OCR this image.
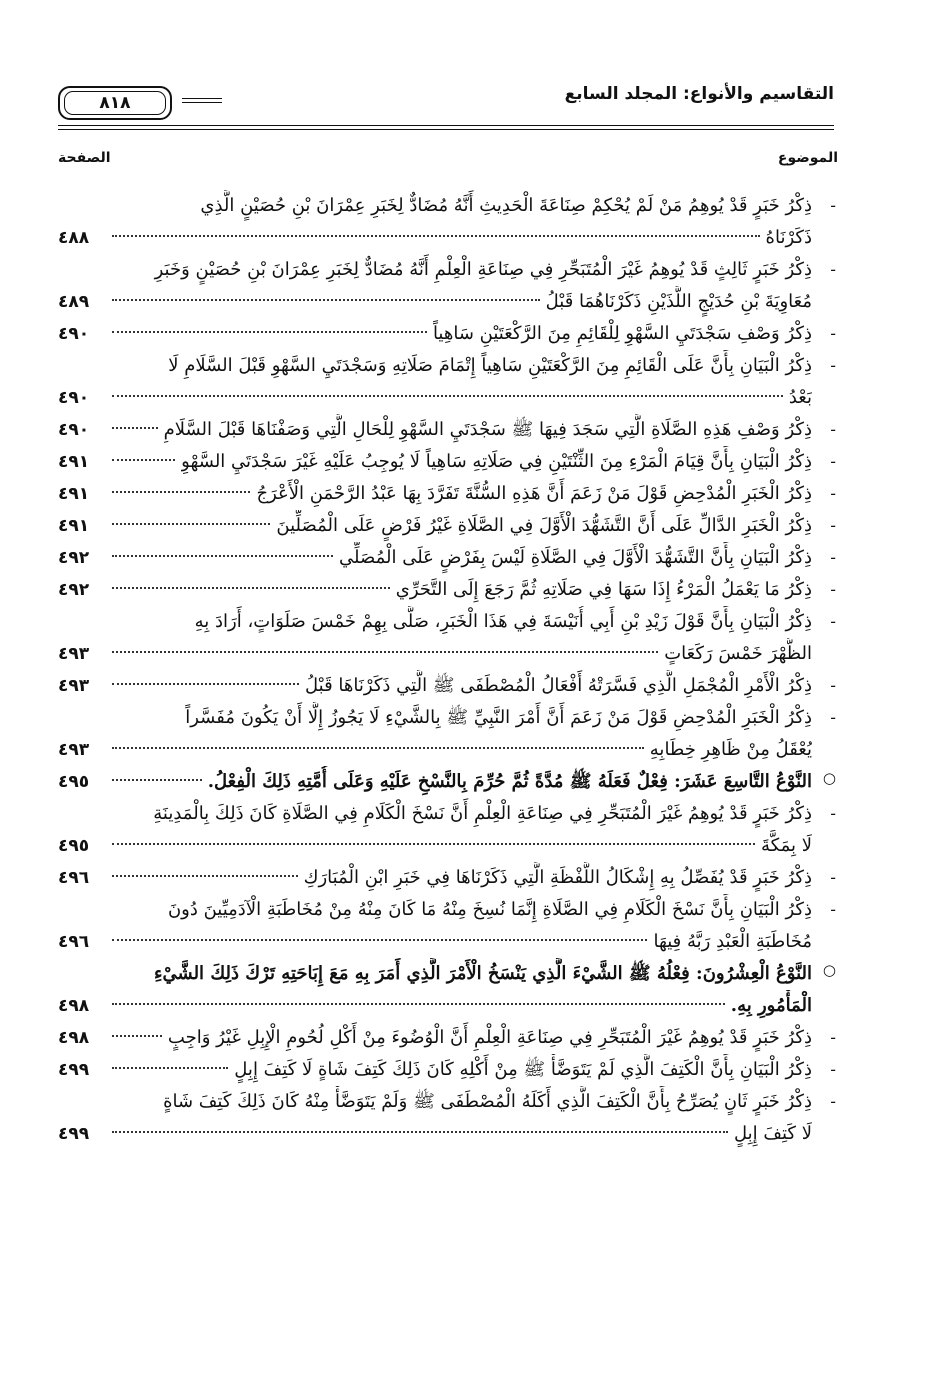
التقاسيم والأنواع: المجلد السابع
٨١٨
الموضوع
الصفحة
-
ذِكْرُ خَبَرٍ قَدْ يُوهِمُ مَنْ لَمْ يُحْكِمْ صِنَاعَةَ الْحَدِيثِ أَنَّهُ مُضَادٌّ لِخَبَرِ عِمْرَانَ بْنِ حُصَيْنٍ الَّذِي
ذَكَرْنَاهُ
٤٨٨
-
ذِكْرُ خَبَرٍ ثَالِثٍ قَدْ يُوهِمُ غَيْرَ الْمُتَبَحِّرِ فِي صِنَاعَةِ الْعِلْمِ أَنَّهُ مُضَادٌّ لِخَبَرِ عِمْرَانَ بْنِ حُصَيْنٍ وَخَبَرِ
مُعَاوِيَةَ بْنِ حُدَيْجٍ اللَّذَيْنِ ذَكَرْنَاهُمَا قَبْلُ
٤٨٩
-
ذِكْرُ وَصْفِ سَجْدَتَيِ السَّهْوِ لِلْقَائِمِ مِنَ الرَّكْعَتَيْنِ سَاهِياً
٤٩٠
-
ذِكْرُ الْبَيَانِ بِأَنَّ عَلَى الْقَائِمِ مِنَ الرَّكْعَتَيْنِ سَاهِياً إِتْمَامَ صَلَاتِهِ وَسَجْدَتَيِ السَّهْوِ قَبْلَ السَّلَامِ لَا
بَعْدُ
٤٩٠
-
ذِكْرُ وَصْفِ هَذِهِ الصَّلَاةِ الَّتِي سَجَدَ فِيهَا ﷺ سَجْدَتَيِ السَّهْوِ لِلْحَالِ الَّتِي وَصَفْنَاهَا قَبْلَ السَّلَامِ
٤٩٠
-
ذِكْرُ الْبَيَانِ بِأَنَّ قِيَامَ الْمَرْءِ مِنَ الثِّنْتَيْنِ فِي صَلَاتِهِ سَاهِياً لَا يُوجِبُ عَلَيْهِ غَيْرَ سَجْدَتَيِ السَّهْوِ
٤٩١
-
ذِكْرُ الْخَبَرِ الْمُدْحِضِ قَوْلَ مَنْ زَعَمَ أَنَّ هَذِهِ السُّنَّةَ تَفَرَّدَ بِهَا عَبْدُ الرَّحْمَنِ الْأَعْرَجُ
٤٩١
-
ذِكْرُ الْخَبَرِ الدَّالِّ عَلَى أَنَّ التَّشَهُّدَ الْأَوَّلَ فِي الصَّلَاةِ غَيْرُ فَرْضٍ عَلَى الْمُصَلِّينَ
٤٩١
-
ذِكْرُ الْبَيَانِ بِأَنَّ التَّشَهُّدَ الْأَوَّلَ فِي الصَّلَاةِ لَيْسَ بِفَرْضٍ عَلَى الْمُصَلِّي
٤٩٢
-
ذِكْرُ مَا يَعْمَلُ الْمَرْءُ إِذَا سَهَا فِي صَلَاتِهِ ثُمَّ رَجَعَ إِلَى التَّحَرِّي
٤٩٢
-
ذِكْرُ الْبَيَانِ بِأَنَّ قَوْلَ زَيْدِ بْنِ أَبِي أُنَيْسَةَ فِي هَذَا الْخَبَرِ، صَلَّى بِهِمْ خَمْسَ صَلَوَاتٍ، أَرَادَ بِهِ
الظُّهْرَ خَمْسَ رَكَعَاتٍ
٤٩٣
-
ذِكْرُ الْأَمْرِ الْمُجْمَلِ الَّذِي فَسَّرَتْهُ أَفْعَالُ الْمُصْطَفَى ﷺ الَّتِي ذَكَرْنَاهَا قَبْلُ
٤٩٣
-
ذِكْرُ الْخَبَرِ الْمُدْحِضِ قَوْلَ مَنْ زَعَمَ أَنَّ أَمْرَ النَّبِيِّ ﷺ بِالشَّيْءِ لَا يَجُوزُ إِلَّا أَنْ يَكُونَ مُفَسَّراً
يُعْقَلُ مِنْ ظَاهِرِ خِطَابِهِ
٤٩٣
○
النَّوْعُ التَّاسِعَ عَشَرَ: فِعْلٌ فَعَلَهُ ﷺ مُدَّةً ثُمَّ حُرِّمَ بِالنَّسْخِ عَلَيْهِ وَعَلَى أُمَّتِهِ ذَلِكَ الْفِعْلُ.
٤٩٥
-
ذِكْرُ خَبَرٍ قَدْ يُوهِمُ غَيْرَ الْمُتَبَحِّرِ فِي صِنَاعَةِ الْعِلْمِ أَنَّ نَسْخَ الْكَلَامِ فِي الصَّلَاةِ كَانَ ذَلِكَ بِالْمَدِينَةِ
لَا بِمَكَّةَ
٤٩٥
-
ذِكْرُ خَبَرٍ قَدْ يُفَصِّلُ بِهِ إِشْكَالُ اللَّفْظَةِ الَّتِي ذَكَرْنَاهَا فِي خَبَرِ ابْنِ الْمُبَارَكِ
٤٩٦
-
ذِكْرُ الْبَيَانِ بِأَنَّ نَسْخَ الْكَلَامِ فِي الصَّلَاةِ إِنَّمَا نُسِخَ مِنْهُ مَا كَانَ مِنْهُ مِنْ مُخَاطَبَةِ الْآدَمِيِّينَ دُونَ
مُخَاطَبَةِ الْعَبْدِ رَبَّهُ فِيهَا
٤٩٦
○
النَّوْعُ الْعِشْرُونَ: فِعْلُهُ ﷺ الشَّيْءَ الَّذِي يَنْسَخُ الْأَمْرَ الَّذِي أَمَرَ بِهِ مَعَ إِبَاحَتِهِ تَرْكَ ذَلِكَ الشَّيْءِ
الْمَأْمُورِ بِهِ.
٤٩٨
-
ذِكْرُ خَبَرٍ قَدْ يُوهِمُ غَيْرَ الْمُتَبَحِّرِ فِي صِنَاعَةِ الْعِلْمِ أَنَّ الْوُضُوءَ مِنْ أَكْلِ لُحُومِ الْإِبِلِ غَيْرُ وَاجِبٍ
٤٩٨
-
ذِكْرُ الْبَيَانِ بِأَنَّ الْكَتِفَ الَّذِي لَمْ يَتَوَضَّأْ ﷺ مِنْ أَكْلِهِ كَانَ ذَلِكَ كَتِفَ شَاةٍ لَا كَتِفَ إِبِلٍ
٤٩٩
-
ذِكْرُ خَبَرٍ ثَانٍ يُصَرِّحُ بِأَنَّ الْكَتِفَ الَّذِي أَكَلَهُ الْمُصْطَفَى ﷺ وَلَمْ يَتَوَضَّأْ مِنْهُ كَانَ ذَلِكَ كَتِفَ شَاةٍ
لَا كَتِفَ إِبِلٍ
٤٩٩
